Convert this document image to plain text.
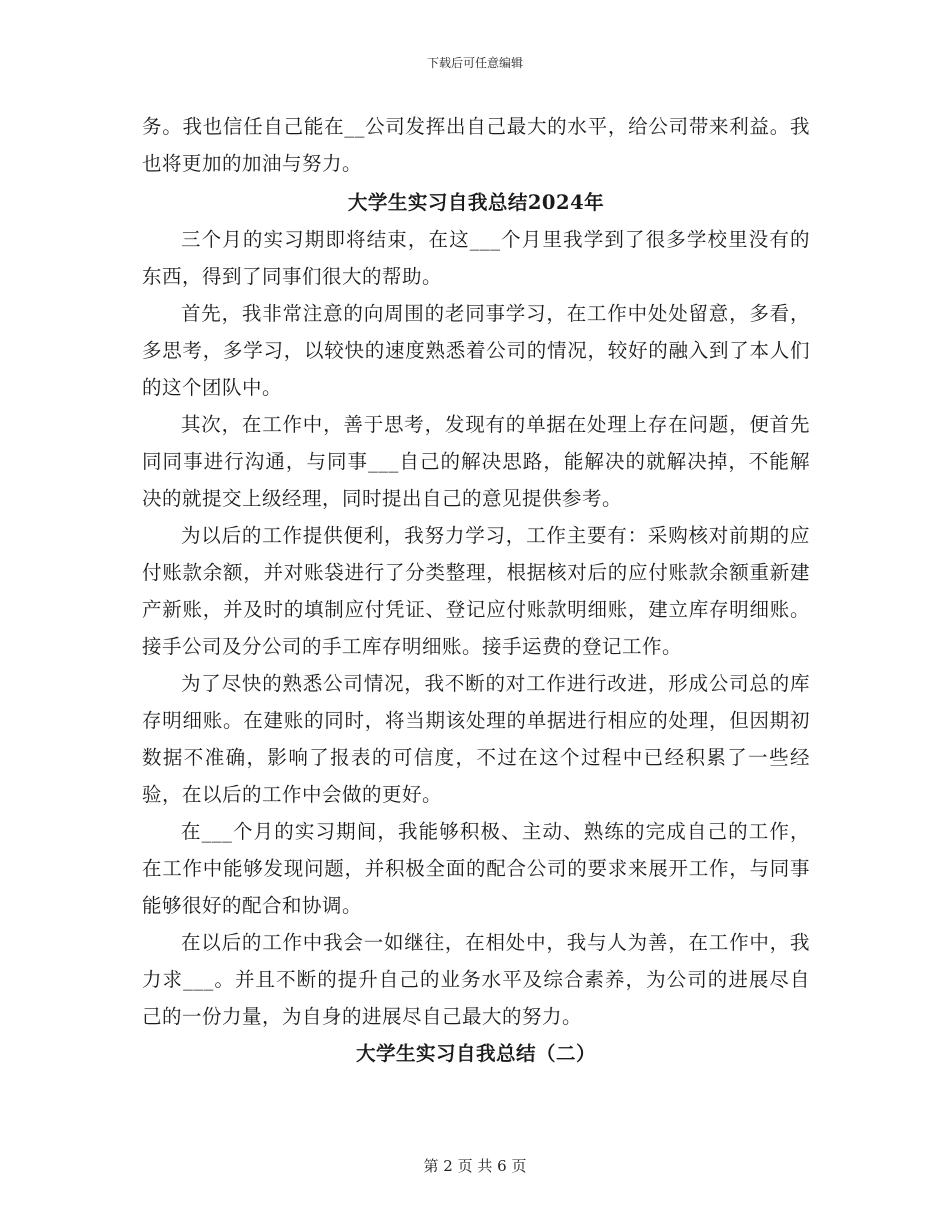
下载后可任意编辑

务。我也信任自己能在__公司发挥出自己最大的水平，给公司带来利益。我也将更加的加油与努力。

大学生实习自我总结2024年

三个月的实习期即将结束，在这___个月里我学到了很多学校里没有的东西，得到了同事们很大的帮助。

首先，我非常注意的向周围的老同事学习，在工作中处处留意，多看，多思考，多学习，以较快的速度熟悉着公司的情况，较好的融入到了本人们的这个团队中。

其次，在工作中，善于思考，发现有的单据在处理上存在问题，便首先同同事进行沟通，与同事___自己的解决思路，能解决的就解决掉，不能解决的就提交上级经理，同时提出自己的意见提供参考。

为以后的工作提供便利，我努力学习，工作主要有：采购核对前期的应付账款余额，并对账袋进行了分类整理，根据核对后的应付账款余额重新建产新账，并及时的填制应付凭证、登记应付账款明细账，建立库存明细账。接手公司及分公司的手工库存明细账。接手运费的登记工作。

为了尽快的熟悉公司情况，我不断的对工作进行改进，形成公司总的库存明细账。在建账的同时，将当期该处理的单据进行相应的处理，但因期初数据不准确，影响了报表的可信度，不过在这个过程中已经积累了一些经验，在以后的工作中会做的更好。

在___个月的实习期间，我能够积极、主动、熟练的完成自己的工作，在工作中能够发现问题，并积极全面的配合公司的要求来展开工作，与同事能够很好的配合和协调。

在以后的工作中我会一如继往，在相处中，我与人为善，在工作中，我力求___。并且不断的提升自己的业务水平及综合素养，为公司的进展尽自己的一份力量，为自身的进展尽自己最大的努力。

大学生实习自我总结（二）

第 2 页 共 6 页
